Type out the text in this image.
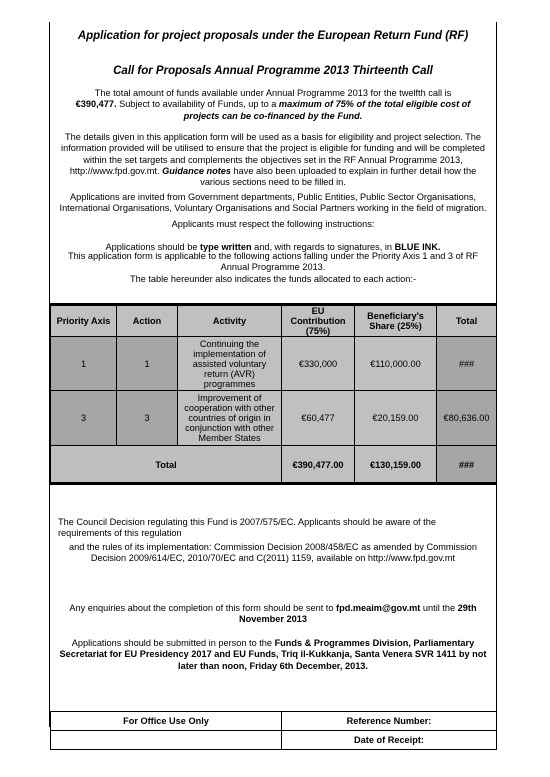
Application for project proposals under the European Return Fund (RF)
Call for Proposals Annual Programme 2013 Thirteenth Call
The total amount of funds available under Annual Programme 2013 for the twelfth call is
€390,477. Subject to availability of Funds, up to a maximum of 75% of the total eligible cost of projects can be co-financed by the Fund.
The details given in this application form will be used as a basis for eligibility and project selection. The information provided will be utilised to ensure that the project is eligible for funding and will be completed within the set targets and complements the objectives set in the RF Annual Programme 2013, http://www.fpd.gov.mt. Guidance notes have also been uploaded to explain in further detail how the various sections need to be filled in.
Applications are invited from Government departments, Public Entities, Public Sector Organisations, International Organisations, Voluntary Organisations and Social Partners working in the field of migration.
Applicants must respect the following instructions:
Applications should be type written and, with regards to signatures, in BLUE INK.
This application form is applicable to the following actions falling under the Priority Axis 1 and 3 of RF Annual Programme 2013.
The table hereunder also indicates the funds allocated to each action:-
Priority Axis	Action	Activity	EU Contribution (75%)	Beneficiary's Share (25%)	Total
1	1	Continuing the implementation of assisted voluntary return (AVR) programmes	€330,000	€110,000.00	###
3	3	Improvement of cooperation with other countries of origin in conjunction with other Member States	€60,477	€20,159.00	€80,636.00
Total			€390,477.00	€130,159.00	###
The Council Decision regulating this Fund is 2007/575/EC. Applicants should be aware of the requirements of this regulation
and the rules of its implementation: Commission Decision 2008/458/EC as amended by Commission Decision 2009/614/EC, 2010/70/EC and C(2011) 1159, available on http://www.fpd.gov.mt
Any enquiries about the completion of this form should be sent to fpd.meaim@gov.mt until the 29th November 2013
Applications should be submitted in person to the Funds & Programmes Division, Parliamentary Secretariat for EU Presidency 2017 and EU Funds, Triq il-Kukkanja, Santa Venera SVR 1411 by not later than noon, Friday 6th December, 2013.
For Office Use Only	Reference Number:
	Date of Receipt:
